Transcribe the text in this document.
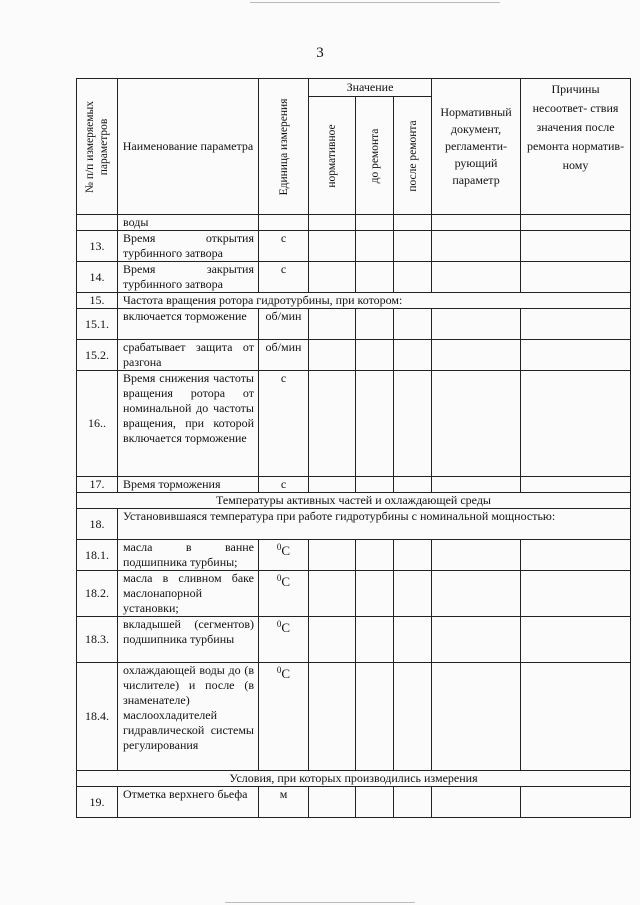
3
№ п/п измеряемых параметров	Наименование параметра	Единица измерения	Значение			Нормативный документ, регламенти- рующий параметр	Причины несоответ- ствия значения после ремонта норматив- ному

			нормативное	до ремонта	после ремонта		

	воды						
13.	Время открытия турбинного затвора	с					
14.	Время закрытия турбинного затвора	с					
15.	Частота вращения ротора гидротурбины, при котором:						
15.1.	включается торможение	об/мин					
15.2.	срабатывает защита от разгона	об/мин					
16..	Время снижения частоты вращения ротора от номинальной до частоты вращения, при которой включается торможение	с					
17.	Время торможения	с					
Температуры активных частей и охлаждающей среды							
18.	Установившаяся температура при работе гидротурбины с номинальной мощностью:						
18.1.	масла в ванне подшипника турбины;	$^0$С					
18.2.	масла в сливном баке маслонапорной установки;	$^0$С					
18.3.	вкладышей (сегментов) подшипника турбины	$^0$С					
18.4.	охлаждающей воды до (в числителе) и после (в знаменателе) маслоохладителей гидравлической системы регулирования	$^0$С					
Условия, при которых производились измерения							
19.	Отметка верхнего бьефа	м					
